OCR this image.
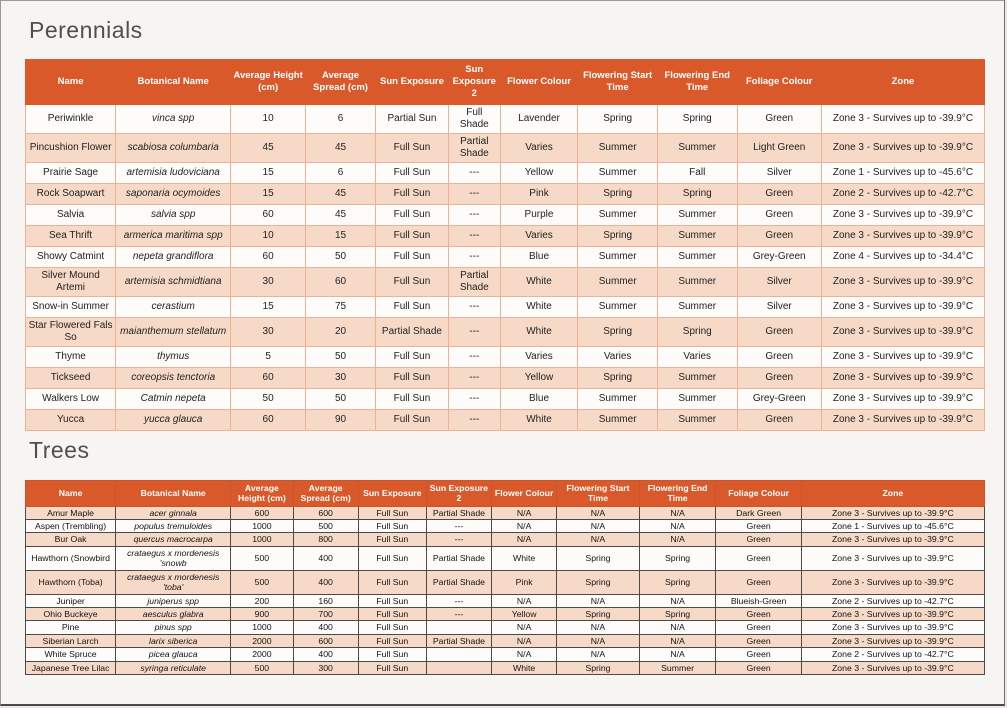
Perennials
Name	Botanical Name	Average Height (cm)	Average Spread (cm)	Sun Exposure	Sun Exposure 2	Flower Colour	Flowering Start Time	Flowering End Time	Foliage Colour	Zone
Periwinkle	vinca spp	10	6	Partial Sun	Full Shade	Lavender	Spring	Spring	Green	Zone 3 - Survives up to -39.9°C
Pincushion Flower	scabiosa columbaria	45	45	Full Sun	Partial Shade	Varies	Summer	Summer	Light Green	Zone 3 - Survives up to -39.9°C
Prairie Sage	artemisia ludoviciana	15	6	Full Sun	---	Yellow	Summer	Fall	Silver	Zone 1 - Survives up to -45.6°C
Rock Soapwart	saponaria ocymoides	15	45	Full Sun	---	Pink	Spring	Spring	Green	Zone 2 - Survives up to -42.7°C
Salvia	salvia spp	60	45	Full Sun	---	Purple	Summer	Summer	Green	Zone 3 - Survives up to -39.9°C
Sea Thrift	armerica maritima spp	10	15	Full Sun	---	Varies	Spring	Summer	Green	Zone 3 - Survives up to -39.9°C
Showy Catmint	nepeta grandiflora	60	50	Full Sun	---	Blue	Summer	Summer	Grey-Green	Zone 4 - Survives up to -34.4°C
Silver Mound Artemi	artemisia schmidtiana	30	60	Full Sun	Partial Shade	White	Summer	Summer	Silver	Zone 3 - Survives up to -39.9°C
Snow-in Summer	cerastium	15	75	Full Sun	---	White	Summer	Summer	Silver	Zone 3 - Survives up to -39.9°C
Star Flowered Fals So	maianthemum stellatum	30	20	Partial Shade	---	White	Spring	Spring	Green	Zone 3 - Survives up to -39.9°C
Thyme	thymus	5	50	Full Sun	---	Varies	Varies	Varies	Green	Zone 3 - Survives up to -39.9°C
Tickseed	coreopsis tenctoria	60	30	Full Sun	---	Yellow	Spring	Summer	Green	Zone 3 - Survives up to -39.9°C
Walkers Low	Catmin nepeta	50	50	Full Sun	---	Blue	Summer	Summer	Grey-Green	Zone 3 - Survives up to -39.9°C
Yucca	yucca glauca	60	90	Full Sun	---	White	Summer	Summer	Green	Zone 3 - Survives up to -39.9°C
Trees
Name	Botanical Name	Average Height (cm)	Average Spread (cm)	Sun Exposure	Sun Exposure 2	Flower Colour	Flowering Start Time	Flowering End Time	Foliage Colour	Zone
Amur Maple	acer ginnala	600	600	Full Sun	Partial Shade	N/A	N/A	N/A	Dark Green	Zone 3 - Survives up to -39.9°C
Aspen (Trembling)	populus tremuloides	1000	500	Full Sun	---	N/A	N/A	N/A	Green	Zone 1 - Survives up to -45.6°C
Bur Oak	quercus macrocarpa	1000	800	Full Sun	---	N/A	N/A	N/A	Green	Zone 3 - Survives up to -39.9°C
Hawthorn (Snowbird	crataegus x mordenesis 'snowb	500	400	Full Sun	Partial Shade	White	Spring	Spring	Green	Zone 3 - Survives up to -39.9°C
Hawthorn (Toba)	crataegus x mordenesis 'toba'	500	400	Full Sun	Partial Shade	Pink	Spring	Spring	Green	Zone 3 - Survives up to -39.9°C
Juniper	juniperus spp	200	160	Full Sun	---	N/A	N/A	N/A	Blueish-Green	Zone 2 - Survives up to -42.7°C
Ohio Buckeye	aesculus glabra	900	700	Full Sun	---	Yellow	Spring	Spring	Green	Zone 3 - Survives up to -39.9°C
Pine	pinus spp	1000	400	Full Sun		N/A	N/A	N/A	Green	Zone 3 - Survives up to -39.9°C
Siberian Larch	larix siberica	2000	600	Full Sun	Partial Shade	N/A	N/A	N/A	Green	Zone 3 - Survives up to -39.9°C
White Spruce	picea glauca	2000	400	Full Sun		N/A	N/A	N/A	Green	Zone 2 - Survives up to -42.7°C
Japanese Tree Lilac	syringa reticulate	500	300	Full Sun		White	Spring	Summer	Green	Zone 3 - Survives up to -39.9°C
